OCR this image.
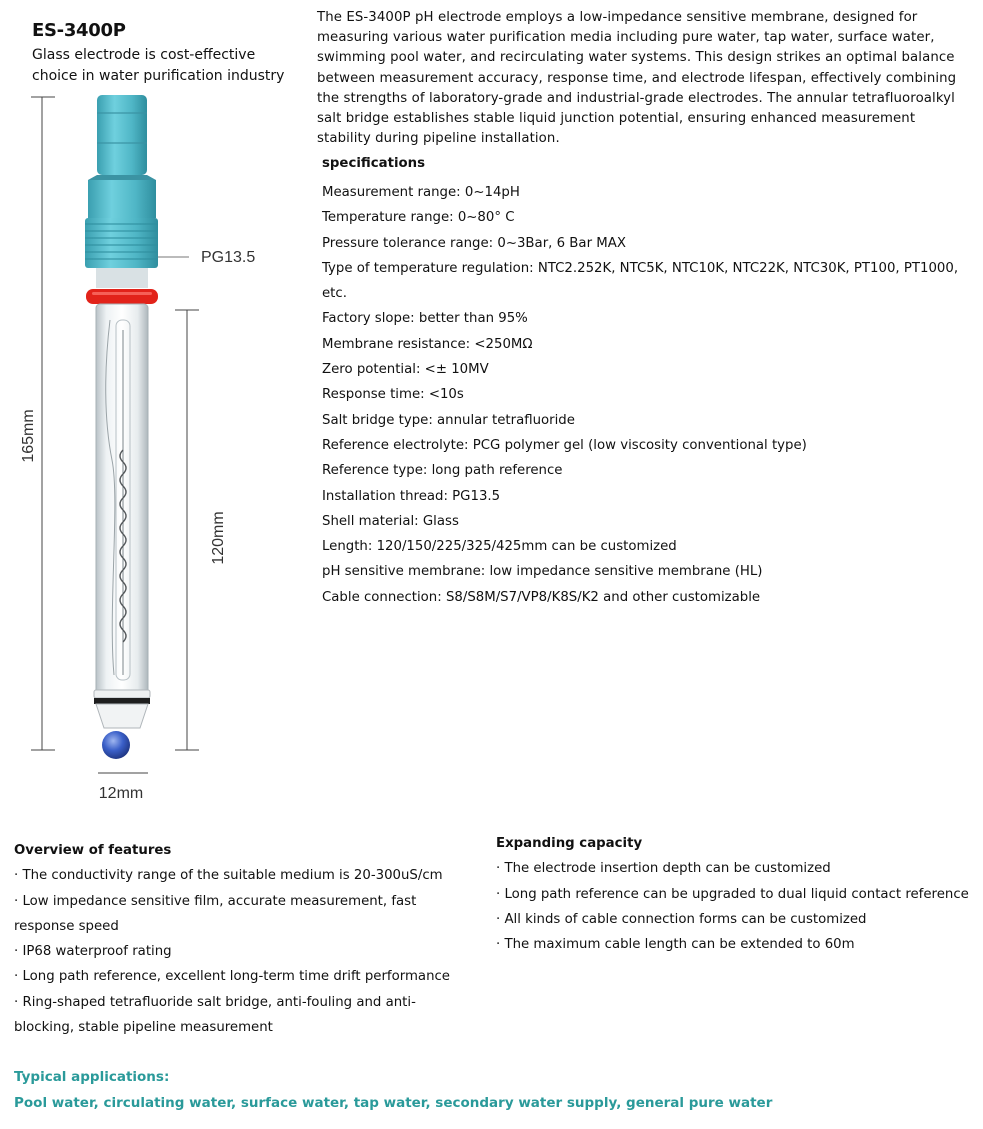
ES-3400P
Glass electrode is cost-effective choice in water purification industry
The ES-3400P pH electrode employs a low-impedance sensitive membrane, designed for measuring various water purification media including pure water, tap water, surface water, swimming pool water, and recirculating water systems. This design strikes an optimal balance between measurement accuracy, response time, and electrode lifespan, effectively combining the strengths of laboratory-grade and industrial-grade electrodes. The annular tetrafluoroalkyl salt bridge establishes stable liquid junction potential, ensuring enhanced measurement stability during pipeline installation.
specifications
Measurement range: 0~14pH
Temperature range: 0~80° C
Pressure tolerance range: 0~3Bar, 6 Bar MAX
Type of temperature regulation: NTC2.252K, NTC5K, NTC10K, NTC22K, NTC30K, PT100, PT1000, etc.
Factory slope: better than 95%
Membrane resistance: <250MΩ
Zero potential: <± 10MV
Response time: <10s
Salt bridge type: annular tetrafluoride
Reference electrolyte: PCG polymer gel (low viscosity conventional type)
Reference type: long path reference
Installation thread: PG13.5
Shell material: Glass
Length: 120/150/225/325/425mm can be customized
pH sensitive membrane: low impedance sensitive membrane (HL)
Cable connection: S8/S8M/S7/VP8/K8S/K2 and other customizable
165mm
120mm
PG13.5
12mm
Overview of features
· The conductivity range of the suitable medium is 20-300uS/cm
· Low impedance sensitive film, accurate measurement, fast response speed
· IP68 waterproof rating
· Long path reference, excellent long-term time drift performance
· Ring-shaped tetrafluoride salt bridge, anti-fouling and anti-blocking, stable pipeline measurement
Expanding capacity
· The electrode insertion depth can be customized
· Long path reference can be upgraded to dual liquid contact reference
· All kinds of cable connection forms can be customized
· The maximum cable length can be extended to 60m
Typical applications:
Pool water, circulating water, surface water, tap water, secondary water supply, general pure water
